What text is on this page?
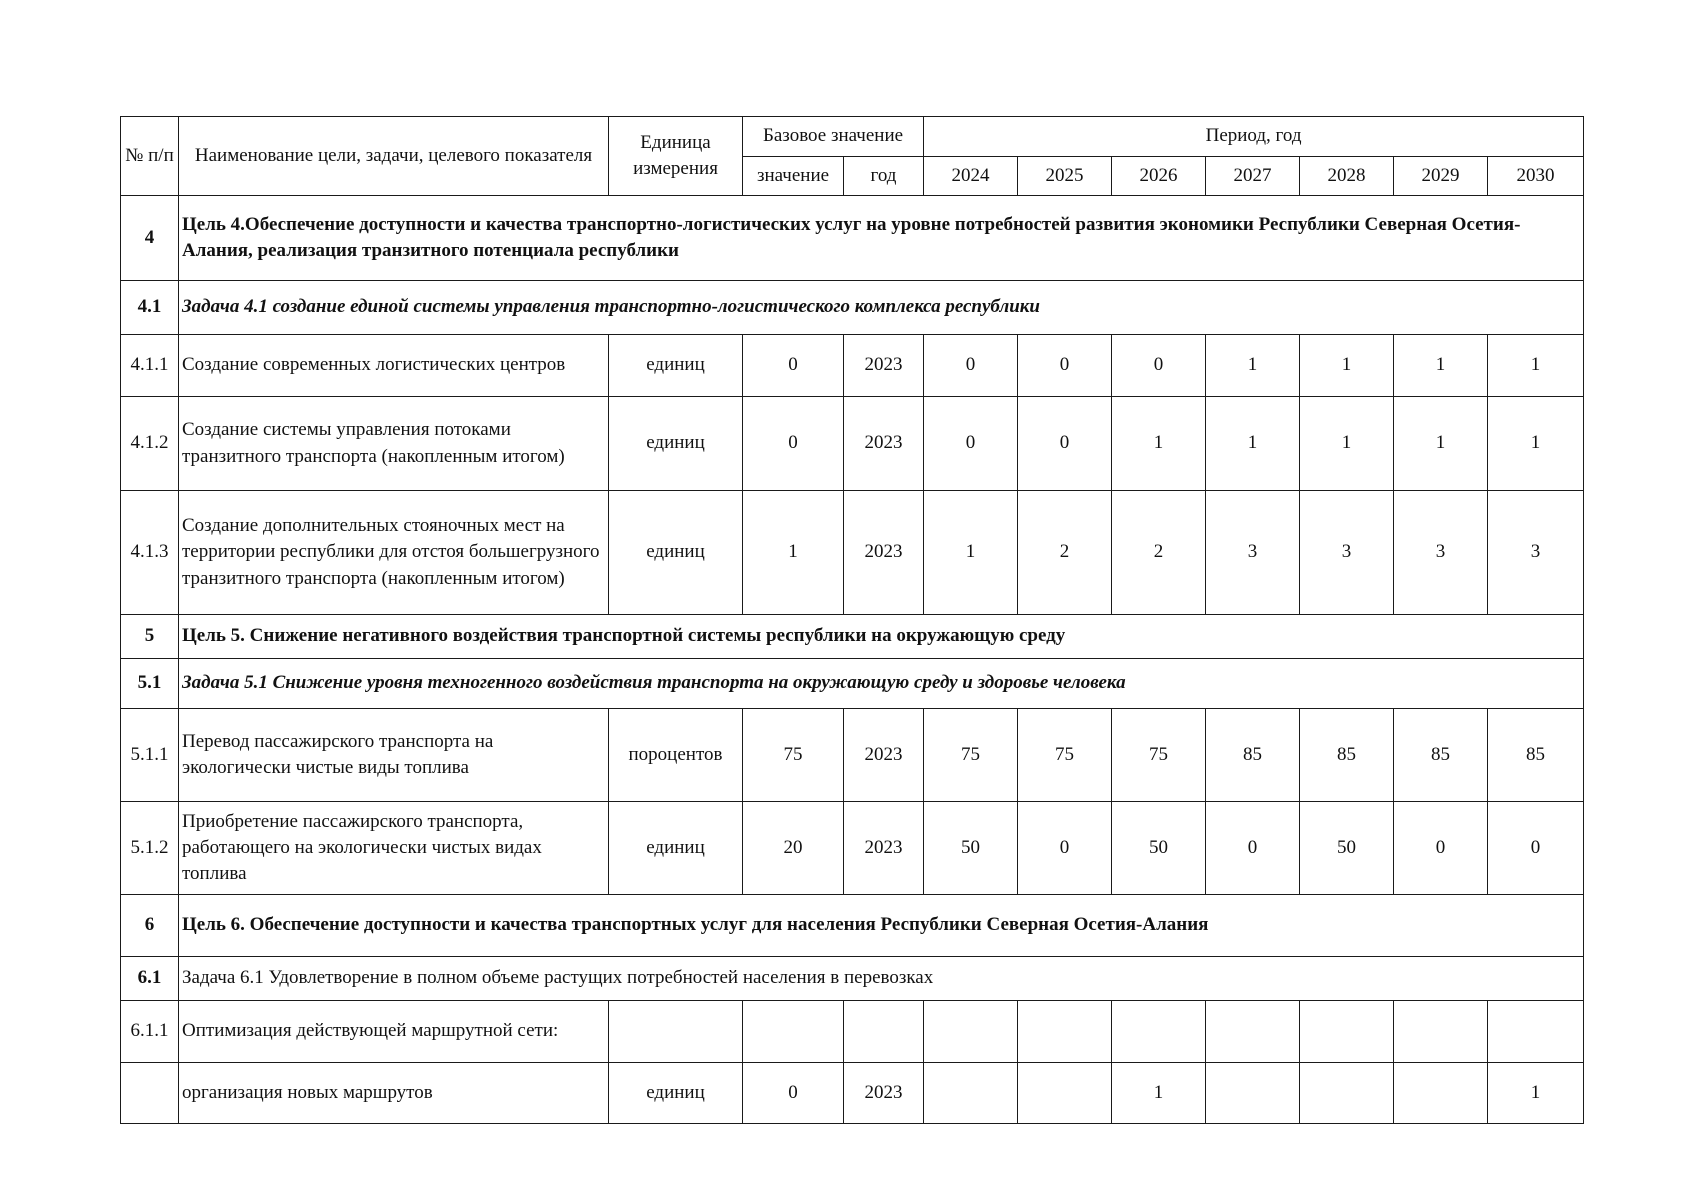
№ п/п	Наименование цели, задачи, целевого показателя	Единица измерения	Базовое значение		Период, год						
			значение	год	2024	2025	2026	2027	2028	2029	2030
4	Цель 4.Обеспечение доступности и качества транспортно-логистических услуг на уровне потребностей развития экономики Республики Северная Осетия-Алания, реализация транзитного потенциала республики										
4.1	Задача 4.1 создание единой системы управления транспортно-логистического комплекса республики										
4.1.1	Создание современных логистических центров	единиц	0	2023	0	0	0	1	1	1	1
4.1.2	Создание системы управления потоками транзитного транспорта (накопленным итогом)	единиц	0	2023	0	0	1	1	1	1	1
4.1.3	Создание дополнительных стояночных мест на территории республики для отстоя большегрузного транзитного транспорта (накопленным итогом)	единиц	1	2023	1	2	2	3	3	3	3
5	Цель 5. Снижение негативного воздействия транспортной системы республики на окружающую среду										
5.1	Задача 5.1 Снижение уровня техногенного воздействия транспорта на окружающую среду и здоровье человека										
5.1.1	Перевод пассажирского транспорта на экологически чистые виды топлива	пороцентов	75	2023	75	75	75	85	85	85	85
5.1.2	Приобретение пассажирского транспорта, работающего на экологически чистых видах топлива	единиц	20	2023	50	0	50	0	50	0	0
6	Цель 6. Обеспечение доступности и качества транспортных услуг для населения Республики Северная Осетия-Алания										
6.1	Задача 6.1 Удовлетворение в полном объеме растущих потребностей населения в перевозках										
6.1.1	Оптимизация действующей маршрутной сети:										
	организация новых маршрутов	единиц	0	2023			1				1
